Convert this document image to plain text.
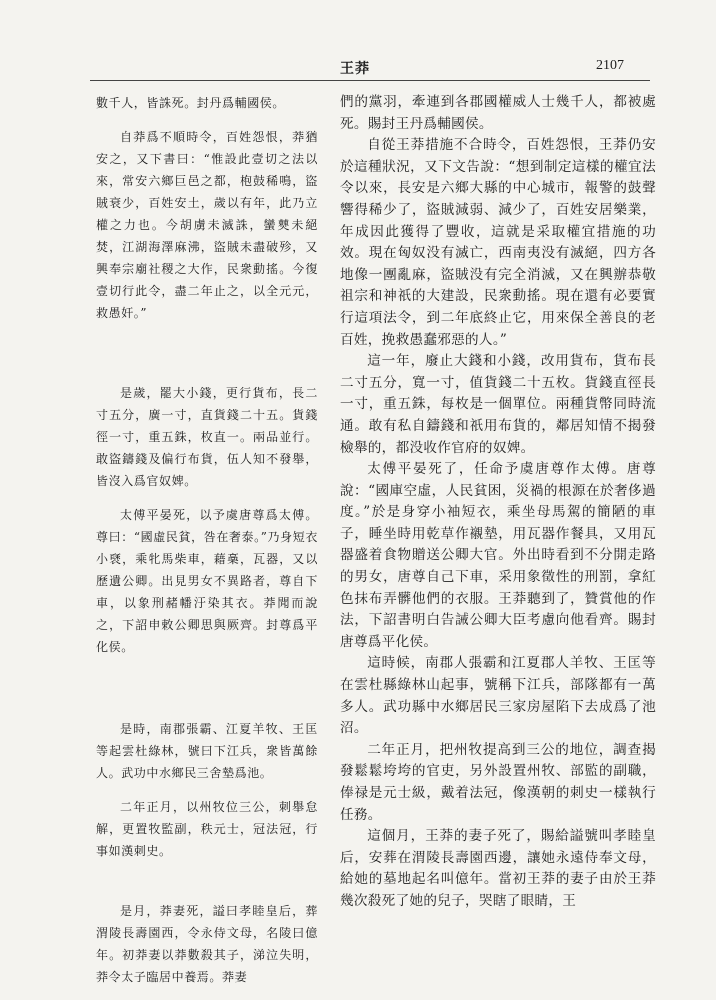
王莽	2107

數千人，皆誅死。封丹爲輔國侯。

自莽爲不順時令，百姓怨恨，莽猶安之，又下書曰：“惟設此壹切之法以來，常安六鄉巨邑之都，枹鼓稀鳴，盜賊衰少，百姓安土，歲以有年，此乃立權之力也。今胡虜未滅誅，蠻僰未絕焚，江湖海澤麻沸，盜賊未盡破殄，又興奉宗廟社稷之大作，民衆動搖。今復壹切行此令，盡二年止之，以全元元，救愚奸。”

是歲，罷大小錢，更行貨布，長二寸五分，廣一寸，直貨錢二十五。貨錢徑一寸，重五銖，枚直一。兩品並行。敢盜鑄錢及偏行布貨，伍人知不發舉，皆沒入爲官奴婢。

太傅平晏死，以予虞唐尊爲太傅。尊曰：“國虛民貧，咎在奢泰。”乃身短衣小褎，乘牝馬柴車，藉槀，瓦器，又以歷遺公卿。出見男女不異路者，尊自下車，以象刑赭幡汙染其衣。莽聞而說之，下詔申敕公卿思與厥齊。封尊爲平化侯。

是時，南郡張霸、江夏羊牧、王匡等起雲杜綠林，號曰下江兵，衆皆萬餘人。武功中水鄉民三舍墊爲池。

二年正月，以州牧位三公，刺舉怠解，更置牧監副，秩元士，冠法冠，行事如漢刺史。

是月，莽妻死，謚曰孝睦皇后，葬渭陵長壽園西，令永侍文母，名陵曰億年。初莽妻以莽數殺其子，涕泣失明，莽令太子臨居中養焉。莽妻

們的黨羽，牽連到各郡國權威人士幾千人，都被處死。賜封王丹爲輔國侯。

自從王莽措施不合時令，百姓怨恨，王莽仍安於這種狀況，又下文告說：“想到制定這樣的權宜法令以來，長安是六鄉大縣的中心城市，報警的鼓聲響得稀少了，盜賊減弱、減少了，百姓安居樂業，年成因此獲得了豐收，這就是采取權宜措施的功效。現在匈奴没有滅亡，西南夷没有滅絕，四方各地像一團亂麻，盜賊没有完全消滅，又在興辦恭敬祖宗和神祇的大建設，民衆動搖。現在還有必要實行這項法令，到二年底終止它，用來保全善良的老百姓，挽救愚蠢邪惡的人。”

這一年，廢止大錢和小錢，改用貨布，貨布長二寸五分，寬一寸，值貨錢二十五枚。貨錢直徑長一寸，重五銖，每枚是一個單位。兩種貨幣同時流通。敢有私自鑄錢和祇用布貨的，鄰居知情不揭發檢舉的，都没收作官府的奴婢。

太傅平晏死了，任命予虞唐尊作太傅。唐尊說：“國庫空虛，人民貧困，災禍的根源在於奢侈過度。”於是身穿小袖短衣，乘坐母馬駕的簡陋的車子，睡坐時用乾草作襯墊，用瓦器作餐具，又用瓦器盛着食物贈送公卿大官。外出時看到不分開走路的男女，唐尊自己下車，采用象徵性的刑罰，拿紅色抹布弄髒他們的衣服。王莽聽到了，贊賞他的作法，下詔書明白告誡公卿大臣考慮向他看齊。賜封唐尊爲平化侯。

這時候，南郡人張霸和江夏郡人羊牧、王匡等在雲杜縣綠林山起事，號稱下江兵，部隊都有一萬多人。武功縣中水鄉居民三家房屋陷下去成爲了池沼。

二年正月，把州牧提高到三公的地位，調查揭發鬆鬆垮垮的官吏，另外設置州牧、部監的副職，俸禄是元士級，戴着法冠，像漢朝的刺史一樣執行任務。

這個月，王莽的妻子死了，賜給謚號叫孝睦皇后，安葬在渭陵長壽園西邊，讓她永遠侍奉文母，給她的墓地起名叫億年。當初王莽的妻子由於王莽幾次殺死了她的兒子，哭瞎了眼睛，王
